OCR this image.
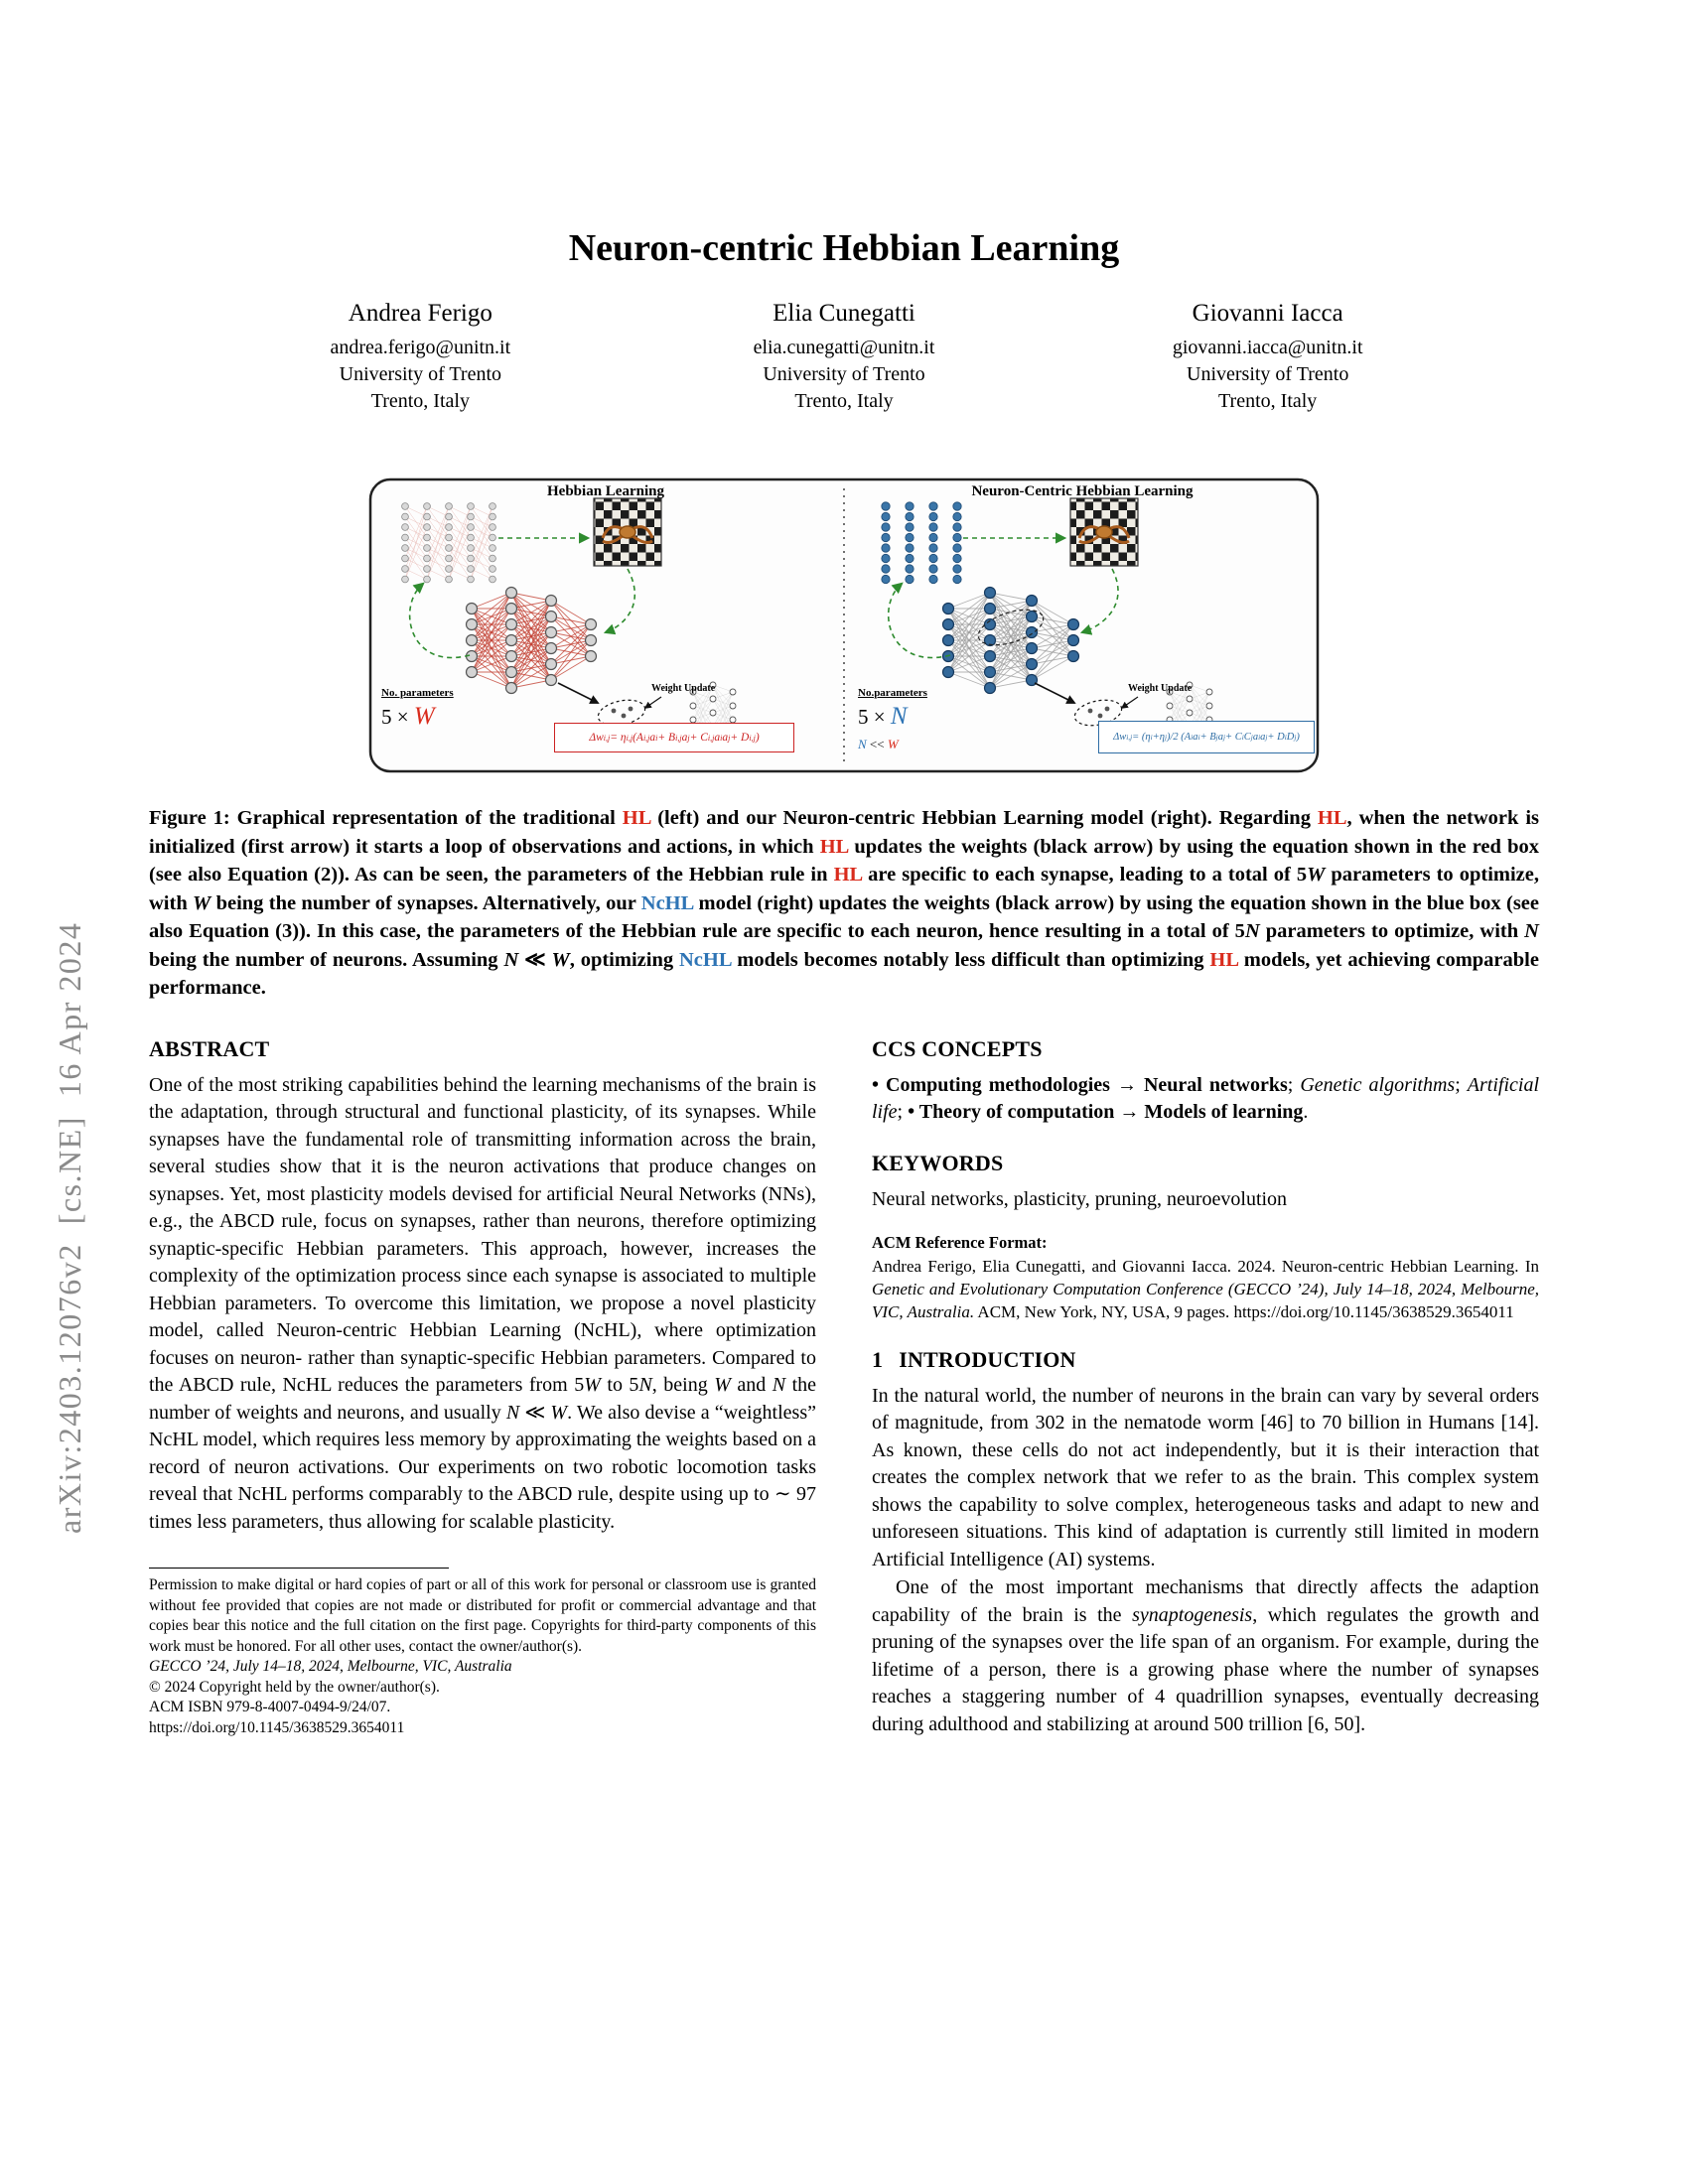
arXiv:2403.12076v2  [cs.NE]  16 Apr 2024
Neuron-centric Hebbian Learning
Andrea Ferigo
andrea.ferigo@unitn.it
University of Trento
Trento, Italy
Elia Cunegatti
elia.cunegatti@unitn.it
University of Trento
Trento, Italy
Giovanni Iacca
giovanni.iacca@unitn.it
University of Trento
Trento, Italy
Hebbian Learning	Neuron-Centric Hebbian Learning
Weight Update	Weight Update
No. parameters
5 × W
No.parameters
5 × N
N << W
Δw i,j = η i,j (A i,j a i + B i,j a j + C i,j a i a j + D i,j )	Δw i,j = (η i +η j )/2 (A i a i + B j a j + C i C j a i a j + D i D j )
Figure 1: Graphical representation of the traditional HL (left) and our Neuron-centric Hebbian Learning model (right). Regarding HL, when the network is initialized (first arrow) it starts a loop of observations and actions, in which HL updates the weights (black arrow) by using the equation shown in the red box (see also Equation (2)). As can be seen, the parameters of the Hebbian rule in HL are specific to each synapse, leading to a total of 5W parameters to optimize, with W being the number of synapses. Alternatively, our NcHL model (right) updates the weights (black arrow) by using the equation shown in the blue box (see also Equation (3)). In this case, the parameters of the Hebbian rule are specific to each neuron, hence resulting in a total of 5N parameters to optimize, with N being the number of neurons. Assuming N ≪ W, optimizing NcHL models becomes notably less difficult than optimizing HL models, yet achieving comparable performance.
ABSTRACT

One of the most striking capabilities behind the learning mechanisms of the brain is the adaptation, through structural and functional plasticity, of its synapses. While synapses have the fundamental role of transmitting information across the brain, several studies show that it is the neuron activations that produce changes on synapses. Yet, most plasticity models devised for artificial Neural Networks (NNs), e.g., the ABCD rule, focus on synapses, rather than neurons, therefore optimizing synaptic-specific Hebbian parameters. This approach, however, increases the complexity of the optimization process since each synapse is associated to multiple Hebbian parameters. To overcome this limitation, we propose a novel plasticity model, called Neuron-centric Hebbian Learning (NcHL), where optimization focuses on neuron- rather than synaptic-specific Hebbian parameters. Compared to the ABCD rule, NcHL reduces the parameters from 5W to 5N, being W and N the number of weights and neurons, and usually N ≪ W. We also devise a “weightless” NcHL model, which requires less memory by approximating the weights based on a record of neuron activations. Our experiments on two robotic locomotion tasks reveal that NcHL performs comparably to the ABCD rule, despite using up to ∼ 97 times less parameters, thus allowing for scalable plasticity.

Permission to make digital or hard copies of part or all of this work for personal or classroom use is granted without fee provided that copies are not made or distributed for profit or commercial advantage and that copies bear this notice and the full citation on the first page. Copyrights for third-party components of this work must be honored. For all other uses, contact the owner/author(s).

GECCO ’24, July 14–18, 2024, Melbourne, VIC, Australia

© 2024 Copyright held by the owner/author(s).

ACM ISBN 979-8-4007-0494-9/24/07.

https://doi.org/10.1145/3638529.3654011

CCS CONCEPTS

• Computing methodologies → Neural networks; Genetic algorithms; Artificial life; • Theory of computation → Models of learning.

KEYWORDS

Neural networks, plasticity, pruning, neuroevolution

ACM Reference Format:

Andrea Ferigo, Elia Cunegatti, and Giovanni Iacca. 2024. Neuron-centric Hebbian Learning. In Genetic and Evolutionary Computation Conference (GECCO ’24), July 14–18, 2024, Melbourne, VIC, Australia. ACM, New York, NY, USA, 9 pages. https://doi.org/10.1145/3638529.3654011

1 INTRODUCTION

In the natural world, the number of neurons in the brain can vary by several orders of magnitude, from 302 in the nematode worm [46] to 70 billion in Humans [14]. As known, these cells do not act independently, but it is their interaction that creates the complex network that we refer to as the brain. This complex system shows the capability to solve complex, heterogeneous tasks and adapt to new and unforeseen situations. This kind of adaptation is currently still limited in modern Artificial Intelligence (AI) systems.

One of the most important mechanisms that directly affects the adaption capability of the brain is the synaptogenesis, which regulates the growth and pruning of the synapses over the life span of an organism. For example, during the lifetime of a person, there is a growing phase where the number of synapses reaches a staggering number of 4 quadrillion synapses, eventually decreasing during adulthood and stabilizing at around 500 trillion [6, 50].
